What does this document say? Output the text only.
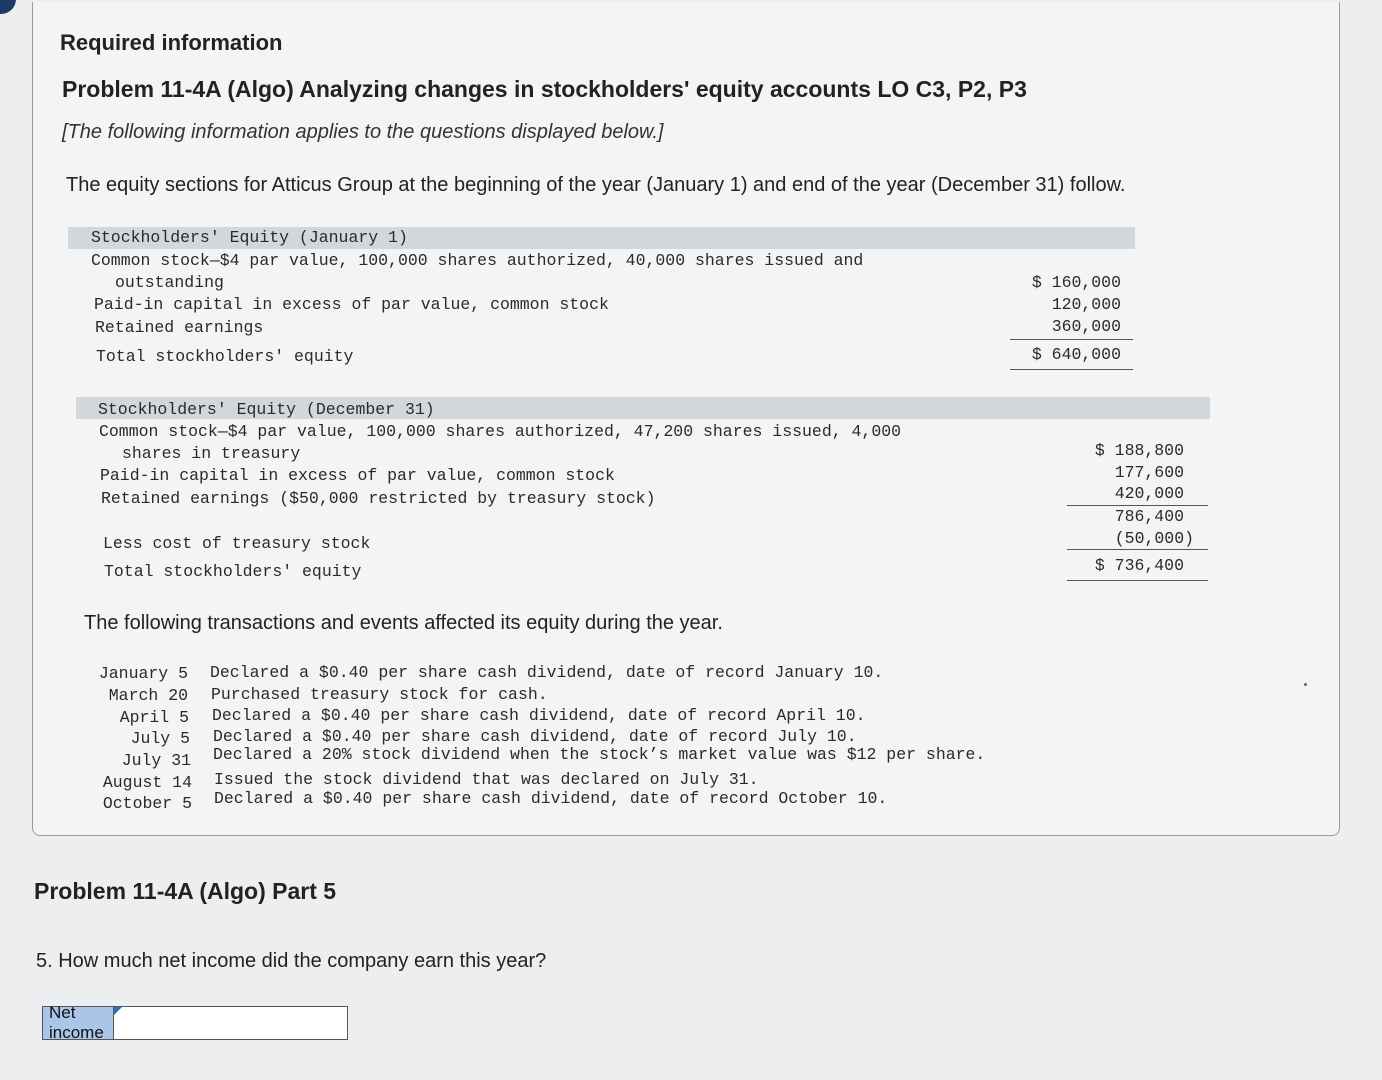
Required information
Problem 11-4A (Algo) Analyzing changes in stockholders' equity accounts LO C3, P2, P3
[The following information applies to the questions displayed below.]
The equity sections for Atticus Group at the beginning of the year (January 1) and end of the year (December 31) follow.
Stockholders' Equity (January 1)
Common stock—$4 par value, 100,000 shares authorized, 40,000 shares issued and
outstanding
Paid-in capital in excess of par value, common stock
Retained earnings
Total stockholders' equity
$ 160,000
120,000
360,000
$ 640,000
Stockholders' Equity (December 31)
Common stock—$4 par value, 100,000 shares authorized, 47,200 shares issued, 4,000
shares in treasury
Paid-in capital in excess of par value, common stock
Retained earnings ($50,000 restricted by treasury stock)
Less cost of treasury stock
Total stockholders' equity
$ 188,800
177,600
420,000
786,400
(50,000)
$ 736,400
The following transactions and events affected its equity during the year.
January 5 Declared a $0.40 per share cash dividend, date of record January 10.
March 20 Purchased treasury stock for cash.
April 5 Declared a $0.40 per share cash dividend, date of record April 10.
July 5 Declared a $0.40 per share cash dividend, date of record July 10.
July 31 Declared a 20% stock dividend when the stock’s market value was $12 per share.
August 14 Issued the stock dividend that was declared on July 31.
October 5 Declared a $0.40 per share cash dividend, date of record October 10.
Problem 11-4A (Algo) Part 5
5. How much net income did the company earn this year?
Net income
